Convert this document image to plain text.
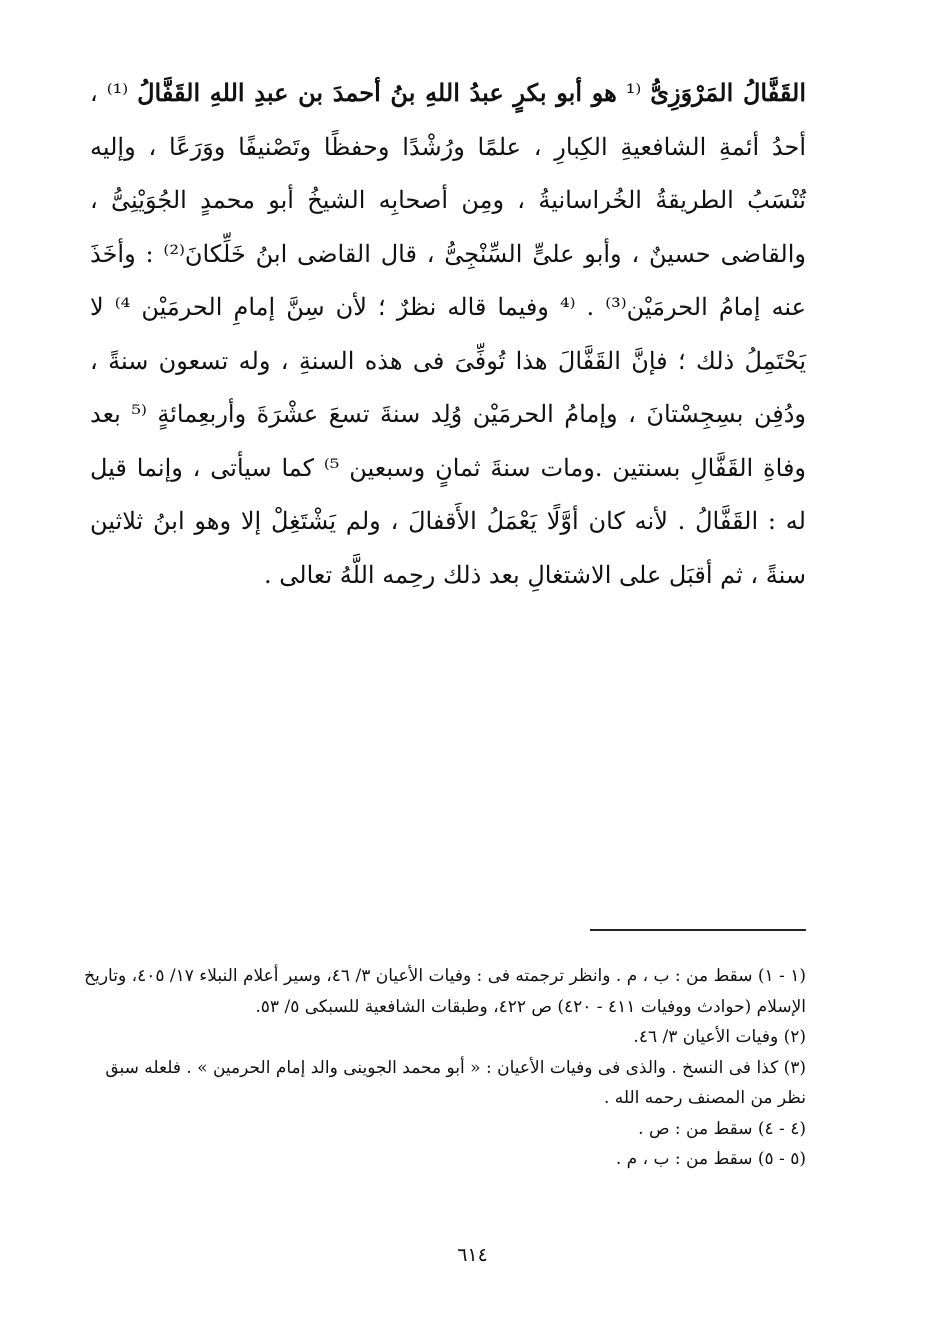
القَفَّالُ المَرْوَزِىُّ ⁽¹ هو أبو بكرٍ عبدُ اللهِ بنُ أحمدَ بن عبدِ اللهِ القَفَّالُ ⁽¹⁾ ، أحدُ أئمةِ الشافعيةِ الكِبارِ ، علمًا ورُشْدًا وحفظًا وتَصْنيفًا ووَرَعًا ، وإليه تُنْسَبُ الطريقةُ الخُراسانيةُ ، ومِن أصحابِه الشيخُ أبو محمدٍ الجُوَيْنِىُّ ، والقاضى حسينٌ ، وأبو علىٍّ السِّنْجِىُّ ، قال القاضى ابنُ خَلِّكانَ⁽²⁾ : وأخَذَ عنه إمامُ الحرمَيْن⁽³⁾ . ⁽⁴ وفيما قاله نظرٌ ؛ لأن سِنَّ إمامِ الحرمَيْن ⁴⁾ لا يَحْتَمِلُ ذلك ؛ فإنَّ القَفَّالَ هذا تُوفِّىَ فى هذه السنةِ ، وله تسعون سنةً ، ودُفِن بسِجِسْتانَ ، وإمامُ الحرمَيْن وُلِد سنةَ تسعَ عشْرَةَ وأربعِمائةٍ ⁽⁵ بعد وفاةِ القَفَّالِ بسنتين .ومات سنةَ ثمانٍ وسبعين ⁵⁾ كما سيأتى ، وإنما قيل له : القَفَّالُ . لأنه كان أوَّلًا يَعْمَلُ الأَقفالَ ، ولم يَشْتَغِلْ إلا وهو ابنُ ثلاثين سنةً ، ثم أقبَل على الاشتغالِ بعد ذلك رحِمه اللَّهُ تعالى .

(١ - ١) سقط من : ب ، م . وانظر ترجمته فى : وفيات الأعيان ٣/ ٤٦، وسير أعلام النبلاء ١٧/ ٤٠٥، وتاريخ الإسلام (حوادث ووفيات ٤١١ - ٤٢٠) ص ٤٢٢، وطبقات الشافعية للسبكى ٥/ ٥٣.

(٢) وفيات الأعيان ٣/ ٤٦.

(٣) كذا فى النسخ . والذى فى وفيات الأعيان : « أبو محمد الجوينى والد إمام الحرمين » . فلعله سبق نظر من المصنف رحمه الله .

(٤ - ٤) سقط من : ص .

(٥ - ٥) سقط من : ب ، م .

٦١٤
